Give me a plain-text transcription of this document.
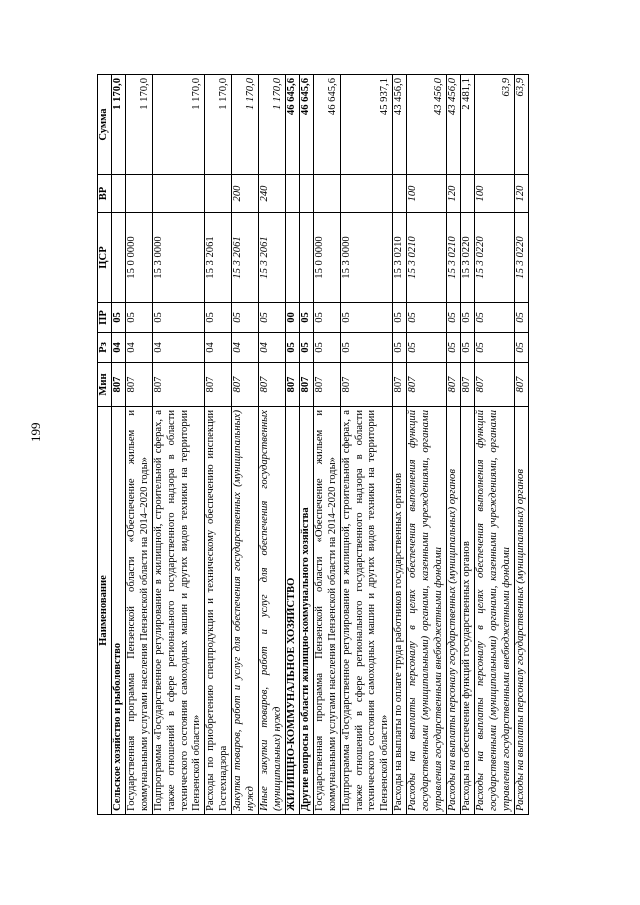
199
Наименование	Мин	Рз	ПР	ЦСР	ВР	Сумма
Сельское хозяйство и рыболовство	807	04	05			1 170,0
Государственная программа Пензенской области «Обеспечение жильем и коммунальными услугами населения Пензенской области на 2014–2020 годы»	807	04	05	15 0 0000		1 170,0
Подпрограмма «Государственное регулирование в жилищной, строительной сферах, а также отношений в сфере регионального государственного надзора в области технического состояния самоходных машин и других видов техники на территории Пензенской области»	807	04	05	15 3 0000		1 170,0
Расходы по приобретению спецпродукции и техническому обеспечению инспекции Гостехнадзора	807	04	05	15 3 2061		1 170,0
Закупка товаров, работ и услуг для обеспечения государственных (муниципальных) нужд	807	04	05	15 3 2061	200	1 170,0
Иные закупки товаров, работ и услуг для обеспечения государственных (муниципальных) нужд	807	04	05	15 3 2061	240	1 170,0
ЖИЛИЩНО-КОММУНАЛЬНОЕ ХОЗЯЙСТВО	807	05	00			46 645,6
Другие вопросы в области жилищно-коммунального хозяйства	807	05	05			46 645,6
Государственная программа Пензенской области «Обеспечение жильем и коммунальными услугами населения Пензенской области на 2014–2020 годы»	807	05	05	15 0 0000		46 645,6
Подпрограмма «Государственное регулирование в жилищной, строительной сферах, а также отношений в сфере регионального государственного надзора в области технического состояния самоходных машин и других видов техники на территории Пензенской области»	807	05	05	15 3 0000		45 937,1
Расходы на выплаты по оплате труда работников государственных органов	807	05	05	15 3 0210		43 456,0
Расходы на выплаты персоналу в целях обеспечения выполнения функций государственными (муниципальными) органами, казенными учреждениями, органами управления государственными внебюджетными фондами	807	05	05	15 3 0210	100	43 456,0
Расходы на выплаты персоналу государственных (муниципальных) органов	807	05	05	15 3 0210	120	43 456,0
Расходы на обеспечение функций государственных органов	807	05	05	15 3 0220		2 481,1
Расходы на выплаты персоналу в целях обеспечения выполнения функций государственными (муниципальными) органами, казенными учреждениями, органами управления государственными внебюджетными фондами	807	05	05	15 3 0220	100	63,9
Расходы на выплаты персоналу государственных (муниципальных) органов	807	05	05	15 3 0220	120	63,9
